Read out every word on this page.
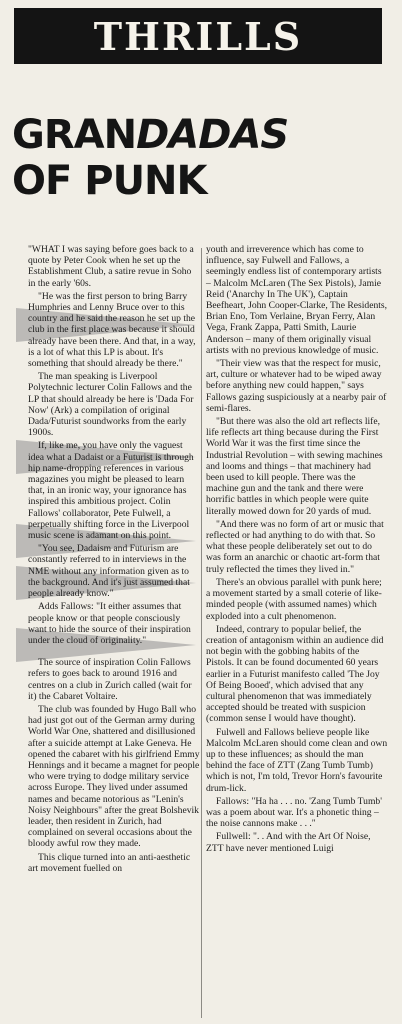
THRILLS
GRANDADAS
OF PUNK

"WHAT I was saying before goes back to a quote by Peter Cook when he set up the Establishment Club, a satire revue in Soho in the early '60s.

"He was the first person to bring Barry Humphries and Lenny Bruce over to this country and he said the reason he set up the club in the first place was because it should already have been there. And that, in a way, is a lot of what this LP is about. It's something that should already be there."

The man speaking is Liverpool Polytechnic lecturer Colin Fallows and the LP that should already be here is 'Dada For Now' (Ark) a compilation of original Dada/Futurist soundworks from the early 1900s.

If, like me, you have only the vaguest idea what a Dadaist or a Futurist is through hip name-dropping references in various magazines you might be pleased to learn that, in an ironic way, your ignorance has inspired this ambitious project. Colin Fallows' collaborator, Pete Fulwell, a perpetually shifting force in the Liverpool music scene is adamant on this point.

"You see, Dadaism and Futurism are constantly referred to in interviews in the NME without any information given as to the background. And it's just assumed that people already know."

Adds Fallows: "It either assumes that people know or that people consciously want to hide the source of their inspiration under the cloud of originality."

The source of inspiration Colin Fallows refers to goes back to around 1916 and centres on a club in Zurich called (wait for it) the Cabaret Voltaire.

The club was founded by Hugo Ball who had just got out of the German army during World War One, shattered and disillusioned after a suicide attempt at Lake Geneva. He opened the cabaret with his girlfriend Emmy Hennings and it became a magnet for people who were trying to dodge military service across Europe. They lived under assumed names and became notorious as "Lenin's Noisy Neighbours" after the great Bolshevik leader, then resident in Zurich, had complained on several occasions about the bloody awful row they made.

This clique turned into an anti-aesthetic art movement fuelled on

youth and irreverence which has come to influence, say Fulwell and Fallows, a seemingly endless list of contemporary artists – Malcolm McLaren (The Sex Pistols), Jamie Reid ('Anarchy In The UK'), Captain Beefheart, John Cooper-Clarke, The Residents, Brian Eno, Tom Verlaine, Bryan Ferry, Alan Vega, Frank Zappa, Patti Smith, Laurie Anderson – many of them originally visual artists with no previous knowledge of music.

"Their view was that the respect for music, art, culture or whatever had to be wiped away before anything new could happen," says Fallows gazing suspiciously at a nearby pair of semi-flares.

"But there was also the old art reflects life, life reflects art thing because during the First World War it was the first time since the Industrial Revolution – with sewing machines and looms and things – that machinery had been used to kill people. There was the machine gun and the tank and there were horrific battles in which people were quite literally mowed down for 20 yards of mud.

"And there was no form of art or music that reflected or had anything to do with that. So what these people deliberately set out to do was form an anarchic or chaotic art-form that truly reflected the times they lived in."

There's an obvious parallel with punk here; a movement started by a small coterie of like-minded people (with assumed names) which exploded into a cult phenomenon.

Indeed, contrary to popular belief, the creation of antagonism within an audience did not begin with the gobbing habits of the Pistols. It can be found documented 60 years earlier in a Futurist manifesto called 'The Joy Of Being Booed', which advised that any cultural phenomenon that was immediately accepted should be treated with suspicion (common sense I would have thought).

Fulwell and Fallows believe people like Malcolm McLaren should come clean and own up to these influences; as should the man behind the face of ZTT (Zang Tumb Tumb) which is not, I'm told, Trevor Horn's favourite drum-lick.

Fallows: "Ha ha . . . no. 'Zang Tumb Tumb' was a poem about war. It's a phonetic thing – the noise cannons make . . ."

Fullwell: ". . And with the Art Of Noise, ZTT have never mentioned Luigi
